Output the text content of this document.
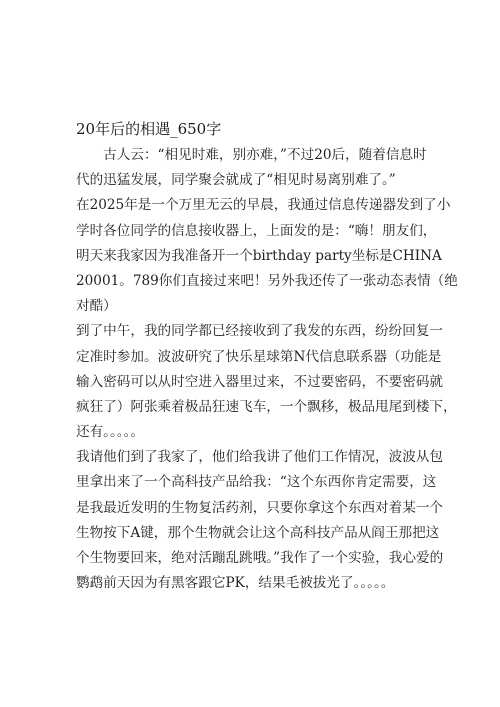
20年后的相遇_650字
　　古人云：“相见时难，别亦难，”不过20后，随着信息时
代的迅猛发展，同学聚会就成了“相见时易离别难了。”
在2025年是一个万里无云的早晨，我通过信息传递器发到了小
学时各位同学的信息接收器上，上面发的是：“嗨！朋友们，
明天来我家因为我准备开一个birthday party坐标是CHINA
20001。789你们直接过来吧！另外我还传了一张动态表情（绝
对酷）
到了中午，我的同学都已经接收到了我发的东西，纷纷回复一
定准时参加。波波研究了快乐星球第N代信息联系器（功能是
输入密码可以从时空进入器里过来，不过要密码，不要密码就
疯狂了）阿张乘着极品狂速飞车，一个飘移，极品甩尾到楼下，
还有。。。。。
我请他们到了我家了，他们给我讲了他们工作情况，波波从包
里拿出来了一个高科技产品给我：“这个东西你肯定需要，这
是我最近发明的生物复活药剂，只要你拿这个东西对着某一个
生物按下A键，那个生物就会让这个高科技产品从阎王那把这
个生物要回来，绝对活蹦乱跳哦。”我作了一个实验，我心爱的
鹦鹉前天因为有黑客跟它PK，结果毛被拔光了。。。。。
